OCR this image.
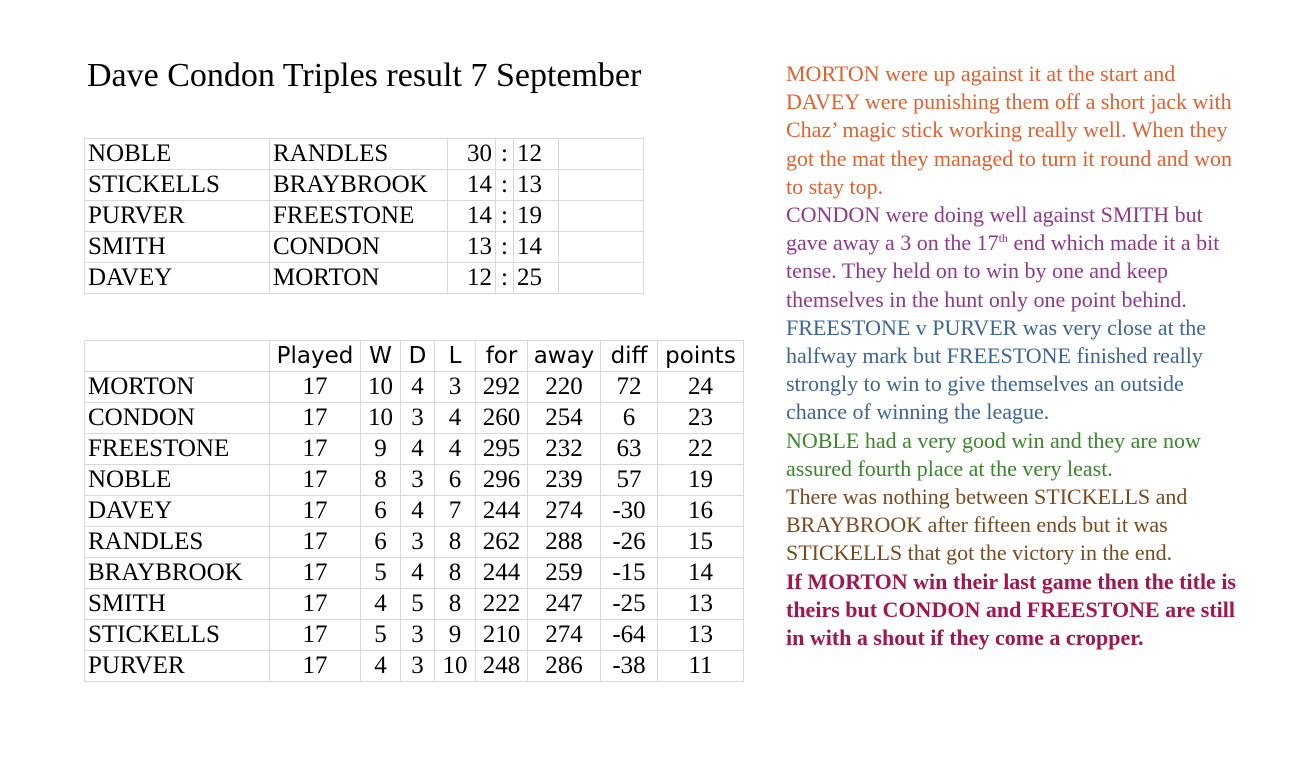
Dave Condon Triples result 7 September
NOBLE	RANDLES	30	:	12	
STICKELLS	BRAYBROOK	14	:	13	
PURVER	FREESTONE	14	:	19	
SMITH	CONDON	13	:	14	
DAVEY	MORTON	12	:	25	
	Played	W	D	L	for	away	diff	points
MORTON	17	10	4	3	292	220	72	24
CONDON	17	10	3	4	260	254	6	23
FREESTONE	17	9	4	4	295	232	63	22
NOBLE	17	8	3	6	296	239	57	19
DAVEY	17	6	4	7	244	274	-30	16
RANDLES	17	6	3	8	262	288	-26	15
BRAYBROOK	17	5	4	8	244	259	-15	14
SMITH	17	4	5	8	222	247	-25	13
STICKELLS	17	5	3	9	210	274	-64	13
PURVER	17	4	3	10	248	286	-38	11

MORTON were up against it at the start and DAVEY were punishing them off a short jack with Chaz’ magic stick working really well. When they got the mat they managed to turn it round and won to stay top.

CONDON were doing well against SMITH but gave away a 3 on the 17th end which made it a bit tense. They held on to win by one and keep themselves in the hunt only one point behind.

FREESTONE v PURVER was very close at the halfway mark but FREESTONE finished really strongly to win to give themselves an outside chance of winning the league.

NOBLE had a very good win and they are now assured fourth place at the very least.

There was nothing between STICKELLS and BRAYBROOK after fifteen ends but it was STICKELLS that got the victory in the end.

If MORTON win their last game then the title is theirs but CONDON and FREESTONE are still in with a shout if they come a cropper.
